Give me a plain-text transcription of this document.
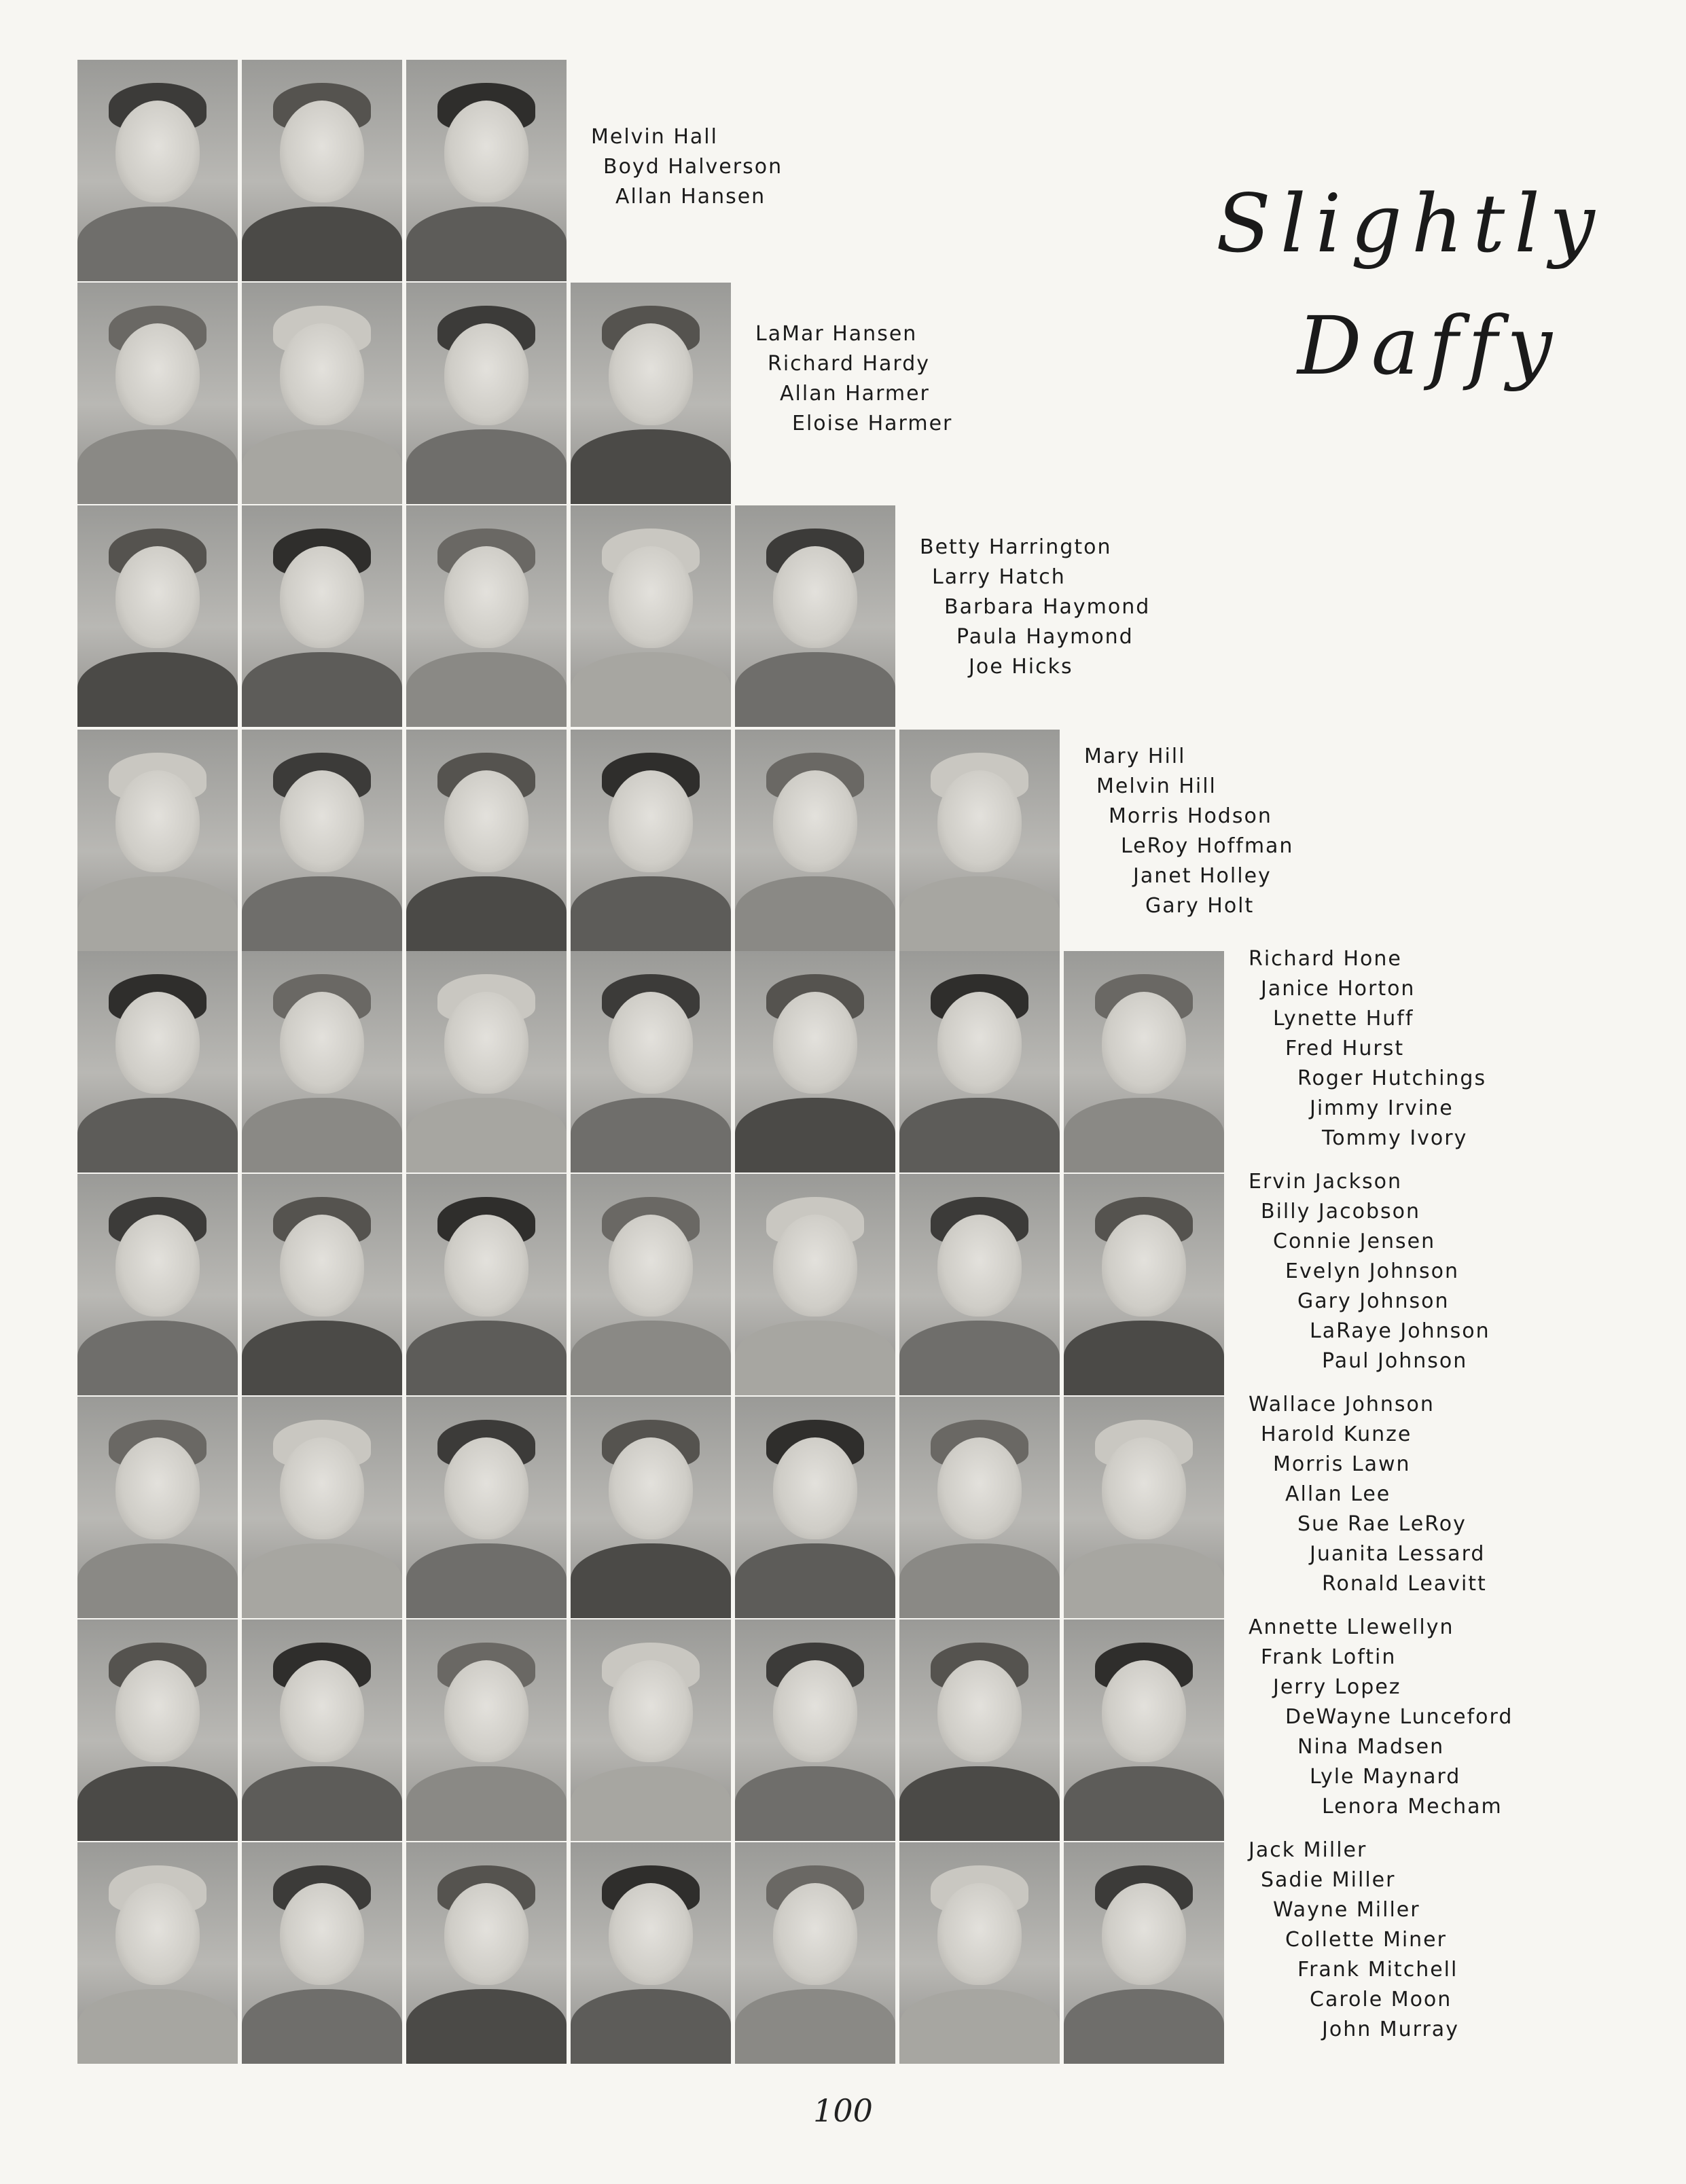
Slightly
Daffy
Melvin Hall
Boyd Halverson
Allan Hansen
LaMar Hansen
Richard Hardy
Allan Harmer
Eloise Harmer
Betty Harrington
Larry Hatch
Barbara Haymond
Paula Haymond
Joe Hicks
Mary Hill
Melvin Hill
Morris Hodson
LeRoy Hoffman
Janet Holley
Gary Holt
Richard Hone
Janice Horton
Lynette Huff
Fred Hurst
Roger Hutchings
Jimmy Irvine
Tommy Ivory
Ervin Jackson
Billy Jacobson
Connie Jensen
Evelyn Johnson
Gary Johnson
LaRaye Johnson
Paul Johnson
Wallace Johnson
Harold Kunze
Morris Lawn
Allan Lee
Sue Rae LeRoy
Juanita Lessard
Ronald Leavitt
Annette Llewellyn
Frank Loftin
Jerry Lopez
DeWayne Lunceford
Nina Madsen
Lyle Maynard
Lenora Mecham
Jack Miller
Sadie Miller
Wayne Miller
Collette Miner
Frank Mitchell
Carole Moon
John Murray
100
